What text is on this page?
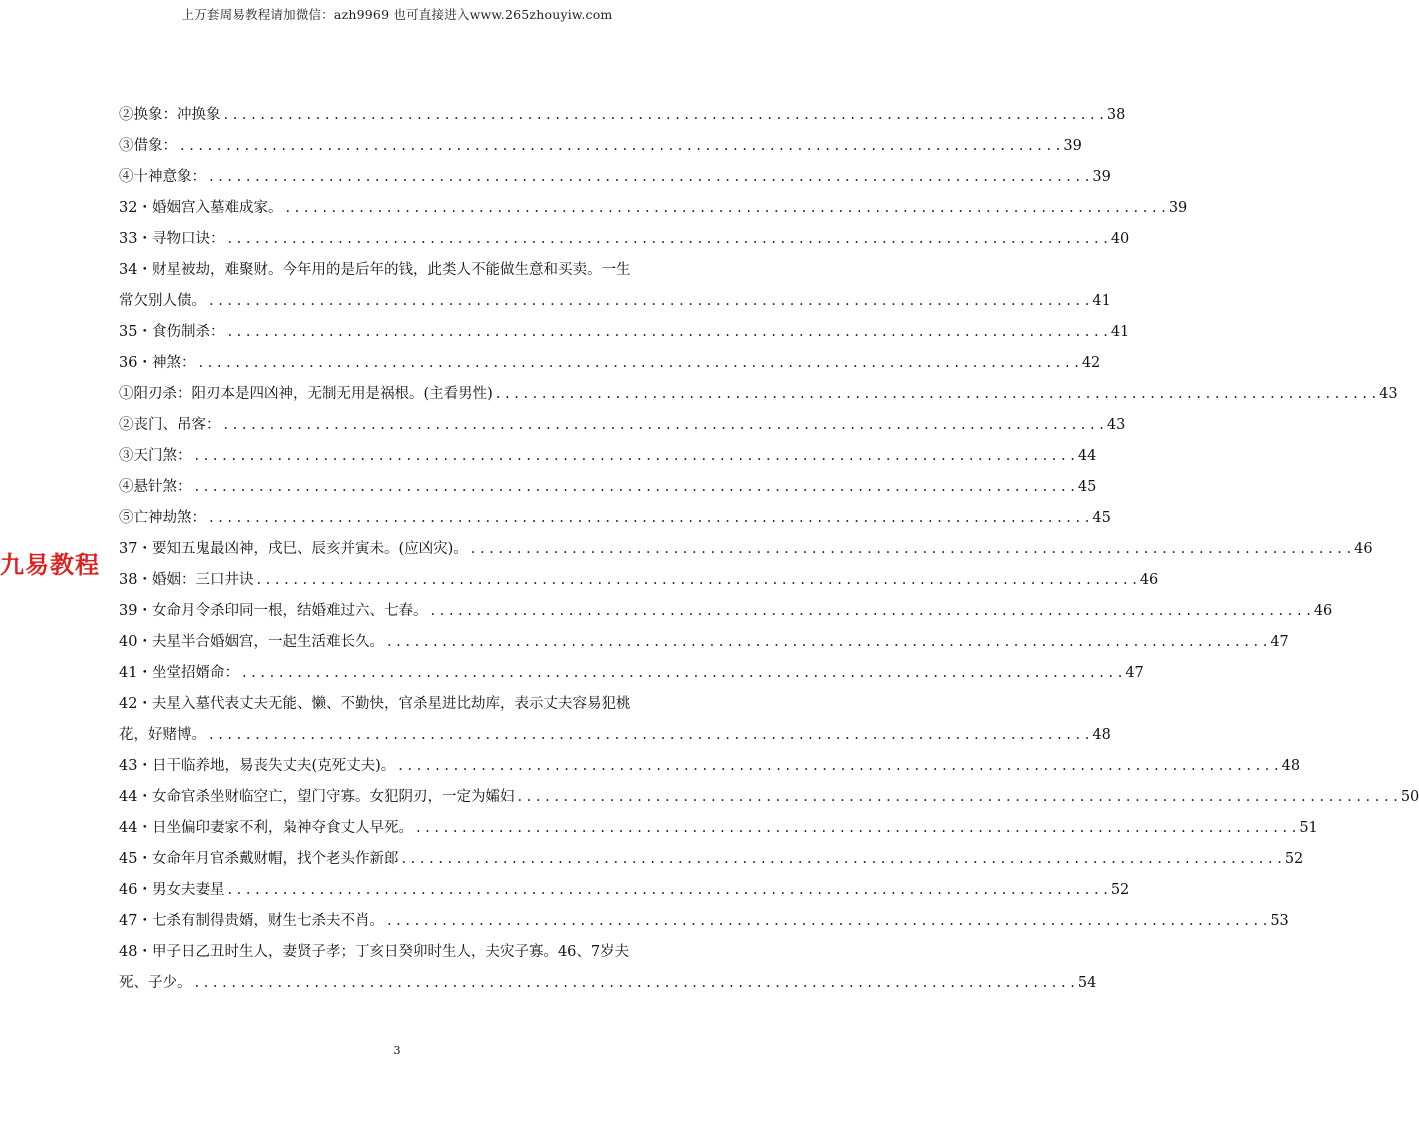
上万套周易教程请加微信：azh9969 也可直接进入www.265zhouyiw.com
九易教程
②换象：冲换象 . . .	38
③借象： . . .	39
④十神意象： . . .	39
32・婚姻宫入墓难成家。 . . .	39
33・寻物口诀： . . .	40
34・财星被劫，难聚财。今年用的是后年的钱，此类人不能做生意和买卖。一生
常欠别人债。 . . .	41
35・食伤制杀： . . .	41
36・神煞： . . .	42
①阳刃杀：阳刃本是四凶神，无制无用是祸根。(主看男性) . . .	43
②丧门、吊客： . . .	43
③天门煞： . . .	44
④悬针煞： . . .	45
⑤亡神劫煞： . . .	45
37・要知五鬼最凶神，戌巳、辰亥并寅未。(应凶灾)。 . . .	46
38・婚姻：三口井诀 . . .	46
39・女命月令杀印同一根，结婚难过六、七春。 . . .	46
40・夫星半合婚姻宫，一起生活难长久。 . . .	47
41・坐堂招婿命： . . .	47
42・夫星入墓代表丈夫无能、懒、不勤快，官杀星进比劫库，表示丈夫容易犯桃
花，好赌博。 . . .	48
43・日干临养地，易丧失丈夫(克死丈夫)。 . . .	48
44・女命官杀坐财临空亡，望门守寡。女犯阴刃，一定为孀妇 . . .	50
44・日坐偏印妻家不利，枭神夺食丈人早死。 . . .	51
45・女命年月官杀戴财帽，找个老头作新郎 . . .	52
46・男女夫妻星 . . .	52
47・七杀有制得贵婿，财生七杀夫不肖。 . . .	53
48・甲子日乙丑时生人，妻贤子孝；丁亥日癸卯时生人，夫灾子寡。46、7岁夫
死、子少。 . . .	54
3
